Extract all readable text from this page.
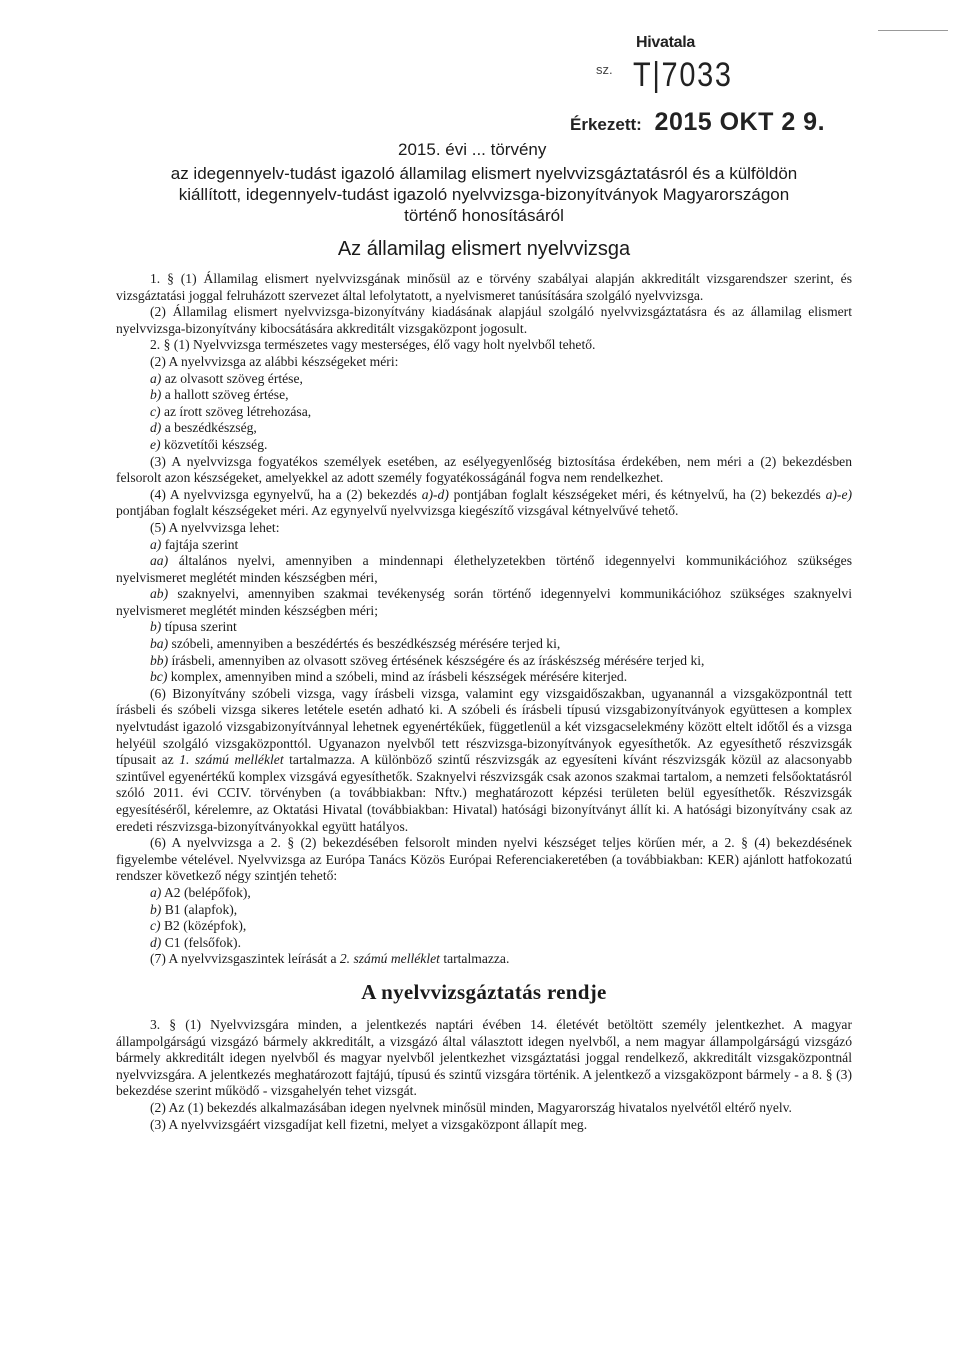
Hivatala
$^{sz.}$ T|7033
Érkezett: 2015 OKT 2 9.
2015. évi ... törvény

az idegennyelv-tudást igazoló államilag elismert nyelvvizsgáztatásról és a külföldön

kiállított, idegennyelv-tudást igazoló nyelvvizsga-bizonyítványok Magyarországon

történő honosításáról

Az államilag elismert nyelvvizsga

1. § (1) Államilag elismert nyelvvizsgának minősül az e törvény szabályai alapján akkreditált vizsgarendszer szerint, és vizsgáztatási joggal felruházott szervezet által lefolytatott, a nyelvismeret tanúsítására szolgáló nyelvvizsga.

(2) Államilag elismert nyelvvizsga-bizonyítvány kiadásának alapjául szolgáló nyelvvizsgáztatásra és az államilag elismert nyelvvizsga-bizonyítvány kibocsátására akkreditált vizsgaközpont jogosult.

2. § (1) Nyelvvizsga természetes vagy mesterséges, élő vagy holt nyelvből tehető.

(2) A nyelvvizsga az alábbi készségeket méri:

a) az olvasott szöveg értése,

b) a hallott szöveg értése,

c) az írott szöveg létrehozása,

d) a beszédkészség,

e) közvetítői készség.

(3) A nyelvvizsga fogyatékos személyek esetében, az esélyegyenlőség biztosítása érdekében, nem méri a (2) bekezdésben felsorolt azon készségeket, amelyekkel az adott személy fogyatékosságánál fogva nem rendelkezhet.

(4) A nyelvvizsga egynyelvű, ha a (2) bekezdés a)-d) pontjában foglalt készségeket méri, és kétnyelvű, ha (2) bekezdés a)-e) pontjában foglalt készségeket méri. Az egynyelvű nyelvvizsga kiegészítő vizsgával kétnyelvűvé tehető.

(5) A nyelvvizsga lehet:

a) fajtája szerint

aa) általános nyelvi, amennyiben a mindennapi élethelyzetekben történő idegennyelvi kommunikációhoz szükséges nyelvismeret meglétét minden készségben méri,

ab) szaknyelvi, amennyiben szakmai tevékenység során történő idegennyelvi kommunikációhoz szükséges szaknyelvi nyelvismeret meglétét minden készségben méri;

b) típusa szerint

ba) szóbeli, amennyiben a beszédértés és beszédkészség mérésére terjed ki,

bb) írásbeli, amennyiben az olvasott szöveg értésének készségére és az íráskészség mérésére terjed ki,

bc) komplex, amennyiben mind a szóbeli, mind az írásbeli készségek mérésére kiterjed.

(6) Bizonyítvány szóbeli vizsga, vagy írásbeli vizsga, valamint egy vizsgaidőszakban, ugyanannál a vizsgaközpontnál tett írásbeli és szóbeli vizsga sikeres letétele esetén adható ki. A szóbeli és írásbeli típusú vizsgabizonyítványok együttesen a komplex nyelvtudást igazoló vizsgabizonyítvánnyal lehetnek egyenértékűek, függetlenül a két vizsgacselekmény között eltelt időtől és a vizsga helyéül szolgáló vizsgaközponttól. Ugyanazon nyelvből tett részvizsga-bizonyítványok egyesíthetők. Az egyesíthető részvizsgák típusait az 1. számú melléklet tartalmazza. A különböző szintű részvizsgák az egyesíteni kívánt részvizsgák közül az alacsonyabb szintűvel egyenértékű komplex vizsgává egyesíthetők. Szaknyelvi részvizsgák csak azonos szakmai tartalom, a nemzeti felsőoktatásról szóló 2011. évi CCIV. törvényben (a továbbiakban: Nftv.) meghatározott képzési területen belül egyesíthetők. Részvizsgák egyesítéséről, kérelemre, az Oktatási Hivatal (továbbiakban: Hivatal) hatósági bizonyítványt állít ki. A hatósági bizonyítvány csak az eredeti részvizsga-bizonyítványokkal együtt hatályos.

(6) A nyelvvizsga a 2. § (2) bekezdésében felsorolt minden nyelvi készséget teljes körűen mér, a 2. § (4) bekezdésének figyelembe vételével. Nyelvvizsga az Európa Tanács Közös Európai Referenciakeretében (a továbbiakban: KER) ajánlott hatfokozatú rendszer következő négy szintjén tehető:

a) A2 (belépőfok),

b) B1 (alapfok),

c) B2 (középfok),

d) C1 (felsőfok).

(7) A nyelvvizsgaszintek leírását a 2. számú melléklet tartalmazza.

A nyelvvizsgáztatás rendje

3. § (1) Nyelvvizsgára minden, a jelentkezés naptári évében 14. életévét betöltött személy jelentkezhet. A magyar állampolgárságú vizsgázó bármely akkreditált, a vizsgázó által választott idegen nyelvből, a nem magyar állampolgárságú vizsgázó bármely akkreditált idegen nyelvből és magyar nyelvből jelentkezhet vizsgáztatási joggal rendelkező, akkreditált vizsgaközpontnál nyelvvizsgára. A jelentkezés meghatározott fajtájú, típusú és szintű vizsgára történik. A jelentkező a vizsgaközpont bármely - a 8. § (3) bekezdése szerint működő - vizsgahelyén tehet vizsgát.

(2) Az (1) bekezdés alkalmazásában idegen nyelvnek minősül minden, Magyarország hivatalos nyelvétől eltérő nyelv.

(3) A nyelvvizsgáért vizsgadíjat kell fizetni, melyet a vizsgaközpont állapít meg.
